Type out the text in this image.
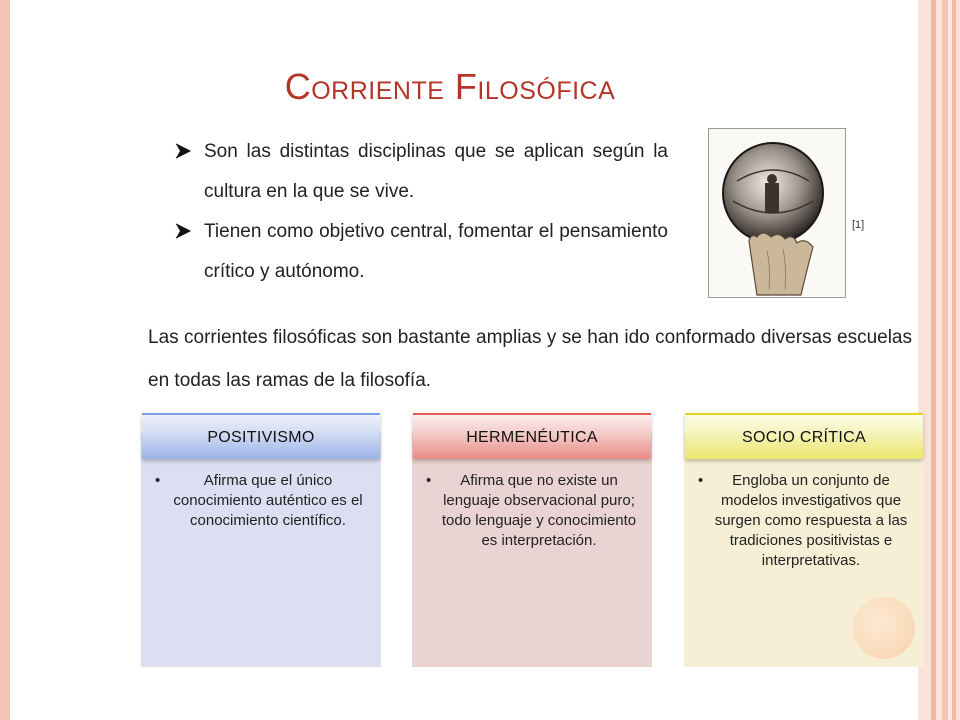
Corriente Filosófica
Son las distintas disciplinas que se aplican según la cultura en la que se vive.
Tienen como objetivo central, fomentar el pensamiento crítico y autónomo.
[1]

Las corrientes filosóficas son bastante amplias y se han ido conformado diversas escuelas en todas las ramas de la filosofía.

•	Afirma que el único conocimiento auténtico es el conocimiento científico.
POSITIVISMO
• Afirma que no existe un lenguaje observacional puro; todo lenguaje y conocimiento es interpretación.
HERMENÉUTICA
• Engloba un conjunto de modelos investigativos que surgen como respuesta a las tradiciones positivistas e interpretativas.
SOCIO CRÍTICA
